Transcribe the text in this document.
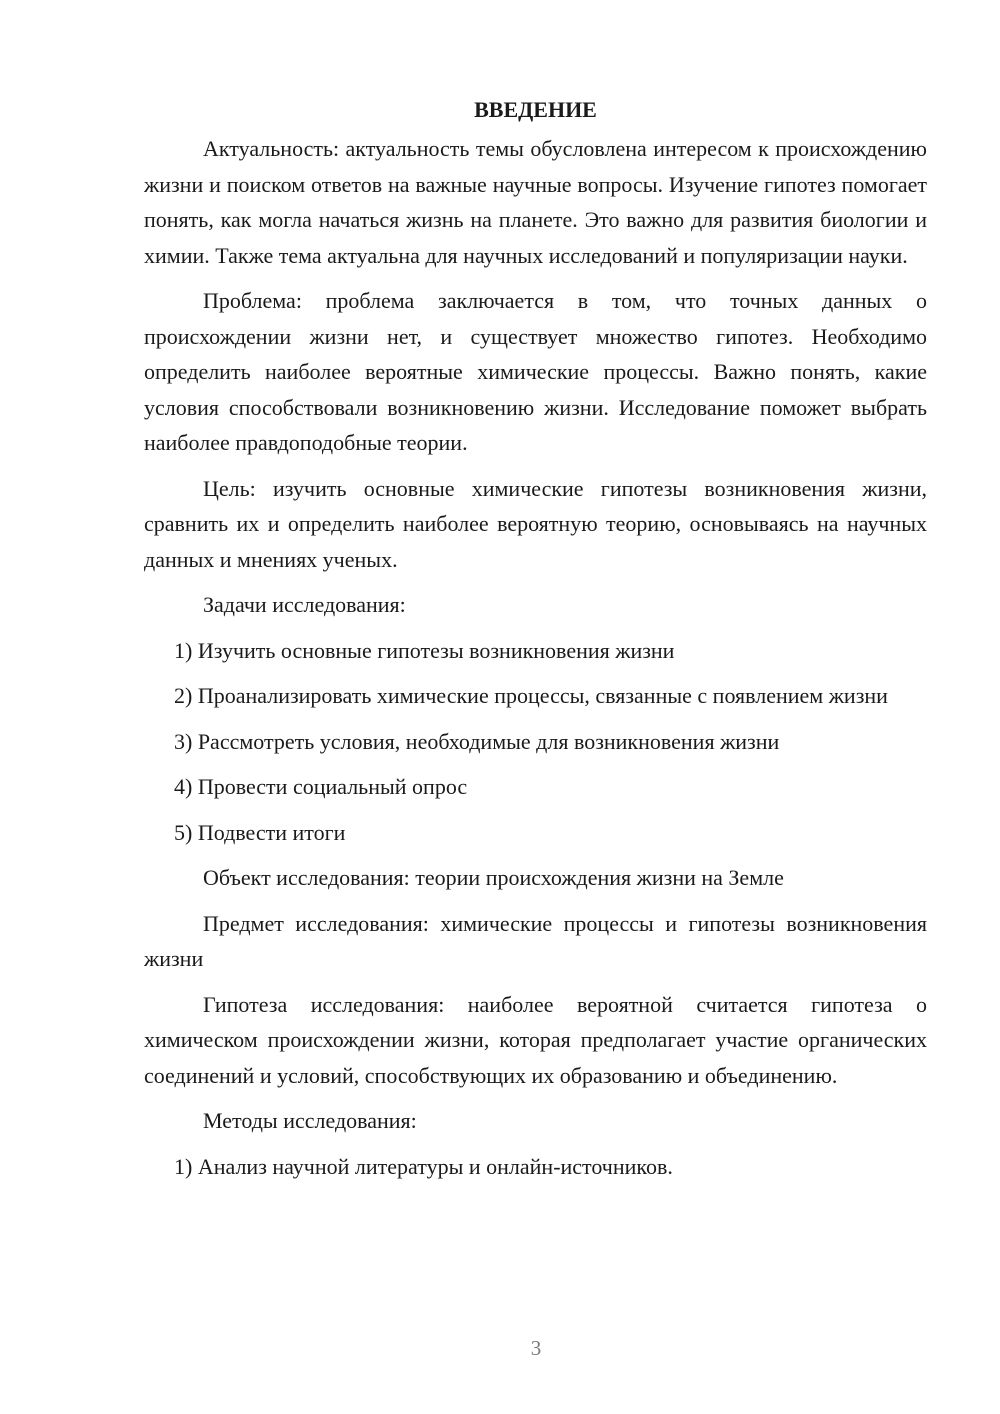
ВВЕДЕНИЕ

Актуальность: актуальность темы обусловлена интересом к происхождению жизни и поиском ответов на важные научные вопросы. Изучение гипотез помогает понять, как могла начаться жизнь на планете. Это важно для развития биологии и химии. Также тема актуальна для научных исследований и популяризации науки.

Проблема: проблема заключается в том, что точных данных о происхождении жизни нет, и существует множество гипотез. Необходимо определить наиболее вероятные химические процессы. Важно понять, какие условия способствовали возникновению жизни. Исследование поможет выбрать наиболее правдоподобные теории.

Цель: изучить основные химические гипотезы возникновения жизни, сравнить их и определить наиболее вероятную теорию, основываясь на научных данных и мнениях ученых.

Задачи исследования:

1) Изучить основные гипотезы возникновения жизни

2) Проанализировать химические процессы, связанные с появлением жизни

3) Рассмотреть условия, необходимые для возникновения жизни

4) Провести социальный опрос

5) Подвести итоги

Объект исследования: теории происхождения жизни на Земле

Предмет исследования: химические процессы и гипотезы возникновения жизни

Гипотеза исследования: наиболее вероятной считается гипотеза о химическом происхождении жизни, которая предполагает участие органических соединений и условий, способствующих их образованию и объединению.

Методы исследования:

1) Анализ научной литературы и онлайн-источников.

3
